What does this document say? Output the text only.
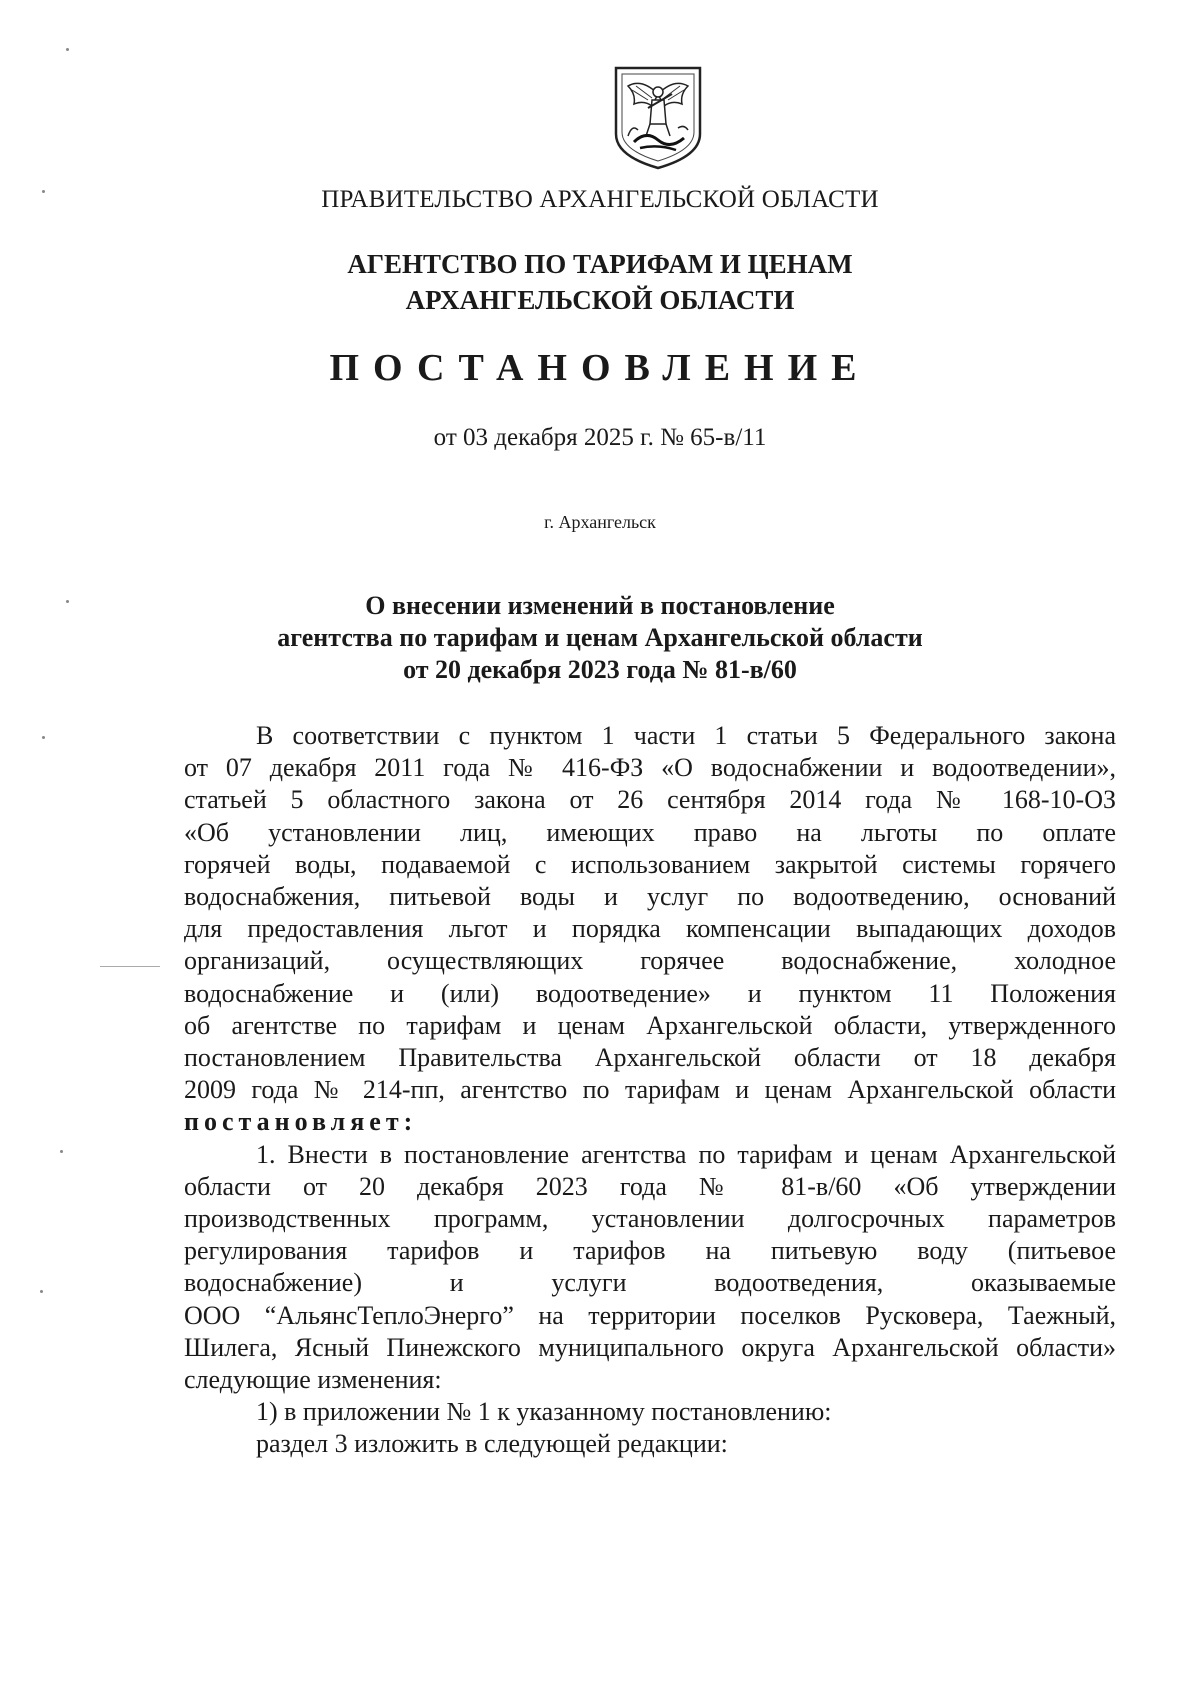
ПРАВИТЕЛЬСТВО АРХАНГЕЛЬСКОЙ ОБЛАСТИ
АГЕНТСТВО ПО ТАРИФАМ И ЦЕНАМ
АРХАНГЕЛЬСКОЙ ОБЛАСТИ
ПОСТАНОВЛЕНИЕ
от 03 декабря 2025 г. № 65-в/11
г. Архангельск
О внесении изменений в постановление
агентства по тарифам и ценам Архангельской области
от 20 декабря 2023 года № 81-в/60
В соответствии с пунктом 1 части 1 статьи 5 Федерального закона
от 07 декабря 2011 года № 416-ФЗ «О водоснабжении и водоотведении»,
статьей 5 областного закона от 26 сентября 2014 года № 168-10-ОЗ
«Об установлении лиц, имеющих право на льготы по оплате
горячей воды, подаваемой с использованием закрытой системы горячего
водоснабжения, питьевой воды и услуг по водоотведению, оснований
для предоставления льгот и порядка компенсации выпадающих доходов
организаций, осуществляющих горячее водоснабжение, холодное
водоснабжение и (или) водоотведение» и пунктом 11 Положения
об агентстве по тарифам и ценам Архангельской области, утвержденного
постановлением Правительства Архангельской области от 18 декабря
2009 года № 214-пп, агентство по тарифам и ценам Архангельской области
постановляет:
1. Внести в постановление агентства по тарифам и ценам Архангельской
области от 20 декабря 2023 года № 81-в/60 «Об утверждении
производственных программ, установлении долгосрочных параметров
регулирования тарифов и тарифов на питьевую воду (питьевое
водоснабжение) и услуги водоотведения, оказываемые
ООО “АльянсТеплоЭнерго” на территории поселков Русковера, Таежный,
Шилега, Ясный Пинежского муниципального округа Архангельской области»
следующие изменения:
1) в приложении № 1 к указанному постановлению:
раздел 3 изложить в следующей редакции:
